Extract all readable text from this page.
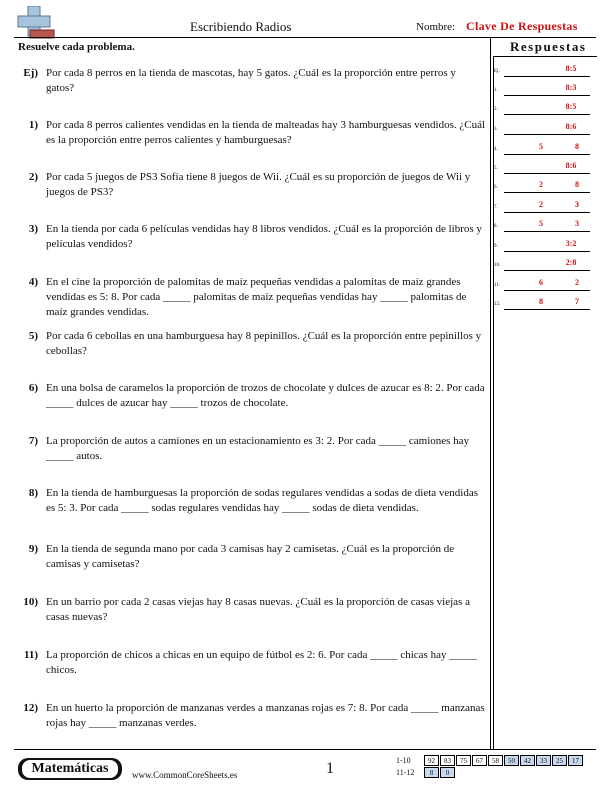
Escribiendo Radios	Nombre: Clave De Respuestas
Resuelve cada problema.	Respuestas
Ej) Por cada 8 perros en la tienda de mascotas, hay 5 gatos. ¿Cuál es la proporción entre perros y gatos?
1) Por cada 8 perros calientes vendidas en la tienda de malteadas hay 3 hamburguesas vendidos. ¿Cuál es la proporción entre perros calientes y hamburguesas?
2) Por cada 5 juegos de PS3 Sofía tiene 8 juegos de Wii. ¿Cuál es su proporción de juegos de Wii y juegos de PS3?
3) En la tienda por cada 6 películas vendidas hay 8 libros vendidos. ¿Cuál es la proporción de libros y películas vendidos?
4) En el cine la proporción de palomitas de maíz pequeñas vendidas a palomitas de maíz grandes vendidas es 5: 8. Por cada _____ palomitas de maíz pequeñas vendidas hay _____ palomitas de maíz grandes vendidas.
5) Por cada 6 cebollas en una hamburguesa hay 8 pepinillos. ¿Cuál es la proporción entre pepinillos y cebollas?
6) En una bolsa de caramelos la proporción de trozos de chocolate y dulces de azucar es 8: 2. Por cada _____ dulces de azucar hay _____ trozos de chocolate.
7) La proporción de autos a camiones en un estacionamiento es 3: 2. Por cada _____ camiones hay _____ autos.
8) En la tienda de hamburguesas la proporción de sodas regulares vendidas a sodas de dieta vendidas es 5: 3. Por cada _____ sodas regulares vendidas hay _____ sodas de dieta vendidas.
9) En la tienda de segunda mano por cada 3 camisas hay 2 camisetas. ¿Cuál es la proporción de camisas y camisetas?
10) En un barrio por cada 2 casas viejas hay 8 casas nuevas. ¿Cuál es la proporción de casas viejas a casas nuevas?
11) La proporción de chicos a chicas en un equipo de fútbol es 2: 6. Por cada _____ chicas hay _____ chicos.
12) En un huerto la proporción de manzanas verdes a manzanas rojas es 7: 8. Por cada _____ manzanas rojas hay _____ manzanas verdes.
Ej.	8:5
1.	8:3
2.	8:5
3.	8:6
4.	5	8
5.	8:6
6.	2	8
7.	2	3
8.	5	3
9.	3:2
10.	2:8
11.	6	2
12.	8	7
Matemáticas	www.CommonCoreSheets.es	1	1-10	92	83	75	67	58	50	42	33	25	17
11-12	8	0
